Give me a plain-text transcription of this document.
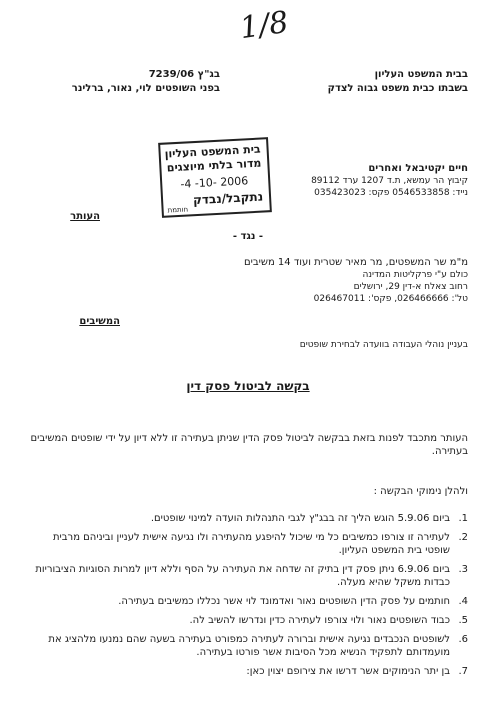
1/8
בבית המשפט העליון
בשבתו כבית משפט גבוה לצדק
בג"ץ 7239/06
בפני השופטים לוי, נאור, ברלינר
חיים יקטיבאל ואחרים
קיבוץ הר עמשא, ת.ד 1207 ערד 89112
נייד: 0546533858 פקס: 035423023
העותר
בית המשפט העליון
מדור בלתי מיוצגים
-4 -10- 2006
נתקבל/נבדק
חותמת
- נגד -
מ"מ שר המשפטים, מר מאיר שטרית ועוד 14 משיבים
כולם ע"י פרקליטות המדינה
רחוב צאלח א-דין 29, ירושלים
טל': 026466666, פקס': 026467011
המשיבים
בעניין נוהלי העבודה בוועדה לבחירת שופטים
בקשה לביטול פסק דין
העותר מתכבד לפנות בזאת בבקשה לביטול פסק הדין שניתן בעתירה זו ללא דיון על ידי שופטים המשיבים בעתירה.
ולהלן נימוקי הבקשה :
1.
ביום 5.9.06 הוגש הליך זה בבג"ץ לגבי התנהלות הועדה למינוי שופטים.
2.
לעתירה זו צורפו כמשיבים כל מי שיכול להיפגע מהעתירה ולו נגיעה אישית לעניין וביניהם מרבית שופטי בית המשפט העליון.
3.
ביום 6.9.06 ניתן פסק דין בתיק זה שדחה את העתירה על הסף וללא דיון למרות הסוגיות הציבוריות כבדות משקל שהיא מעלה.
4.
חותמים על פסק הדין השופטים נאור ואדמונד לוי אשר נכללו כמשיבים בעתירה.
5.
כבוד השופטים נאור ולוי צורפו לעתירה כדין ונדרשו להשיב לה.
6.
לשופטים הנכבדים נגיעה אישית וברורה לעתירה כמפורט בעתירה בשעה שהם נמנעו מלהציג את מועמדותם לתפקיד הנשיא מכל הסיבות אשר פורטו בעתירה.
7.
בן יתר הנימוקים אשר דרשו את צירופם יצוין כאן:
